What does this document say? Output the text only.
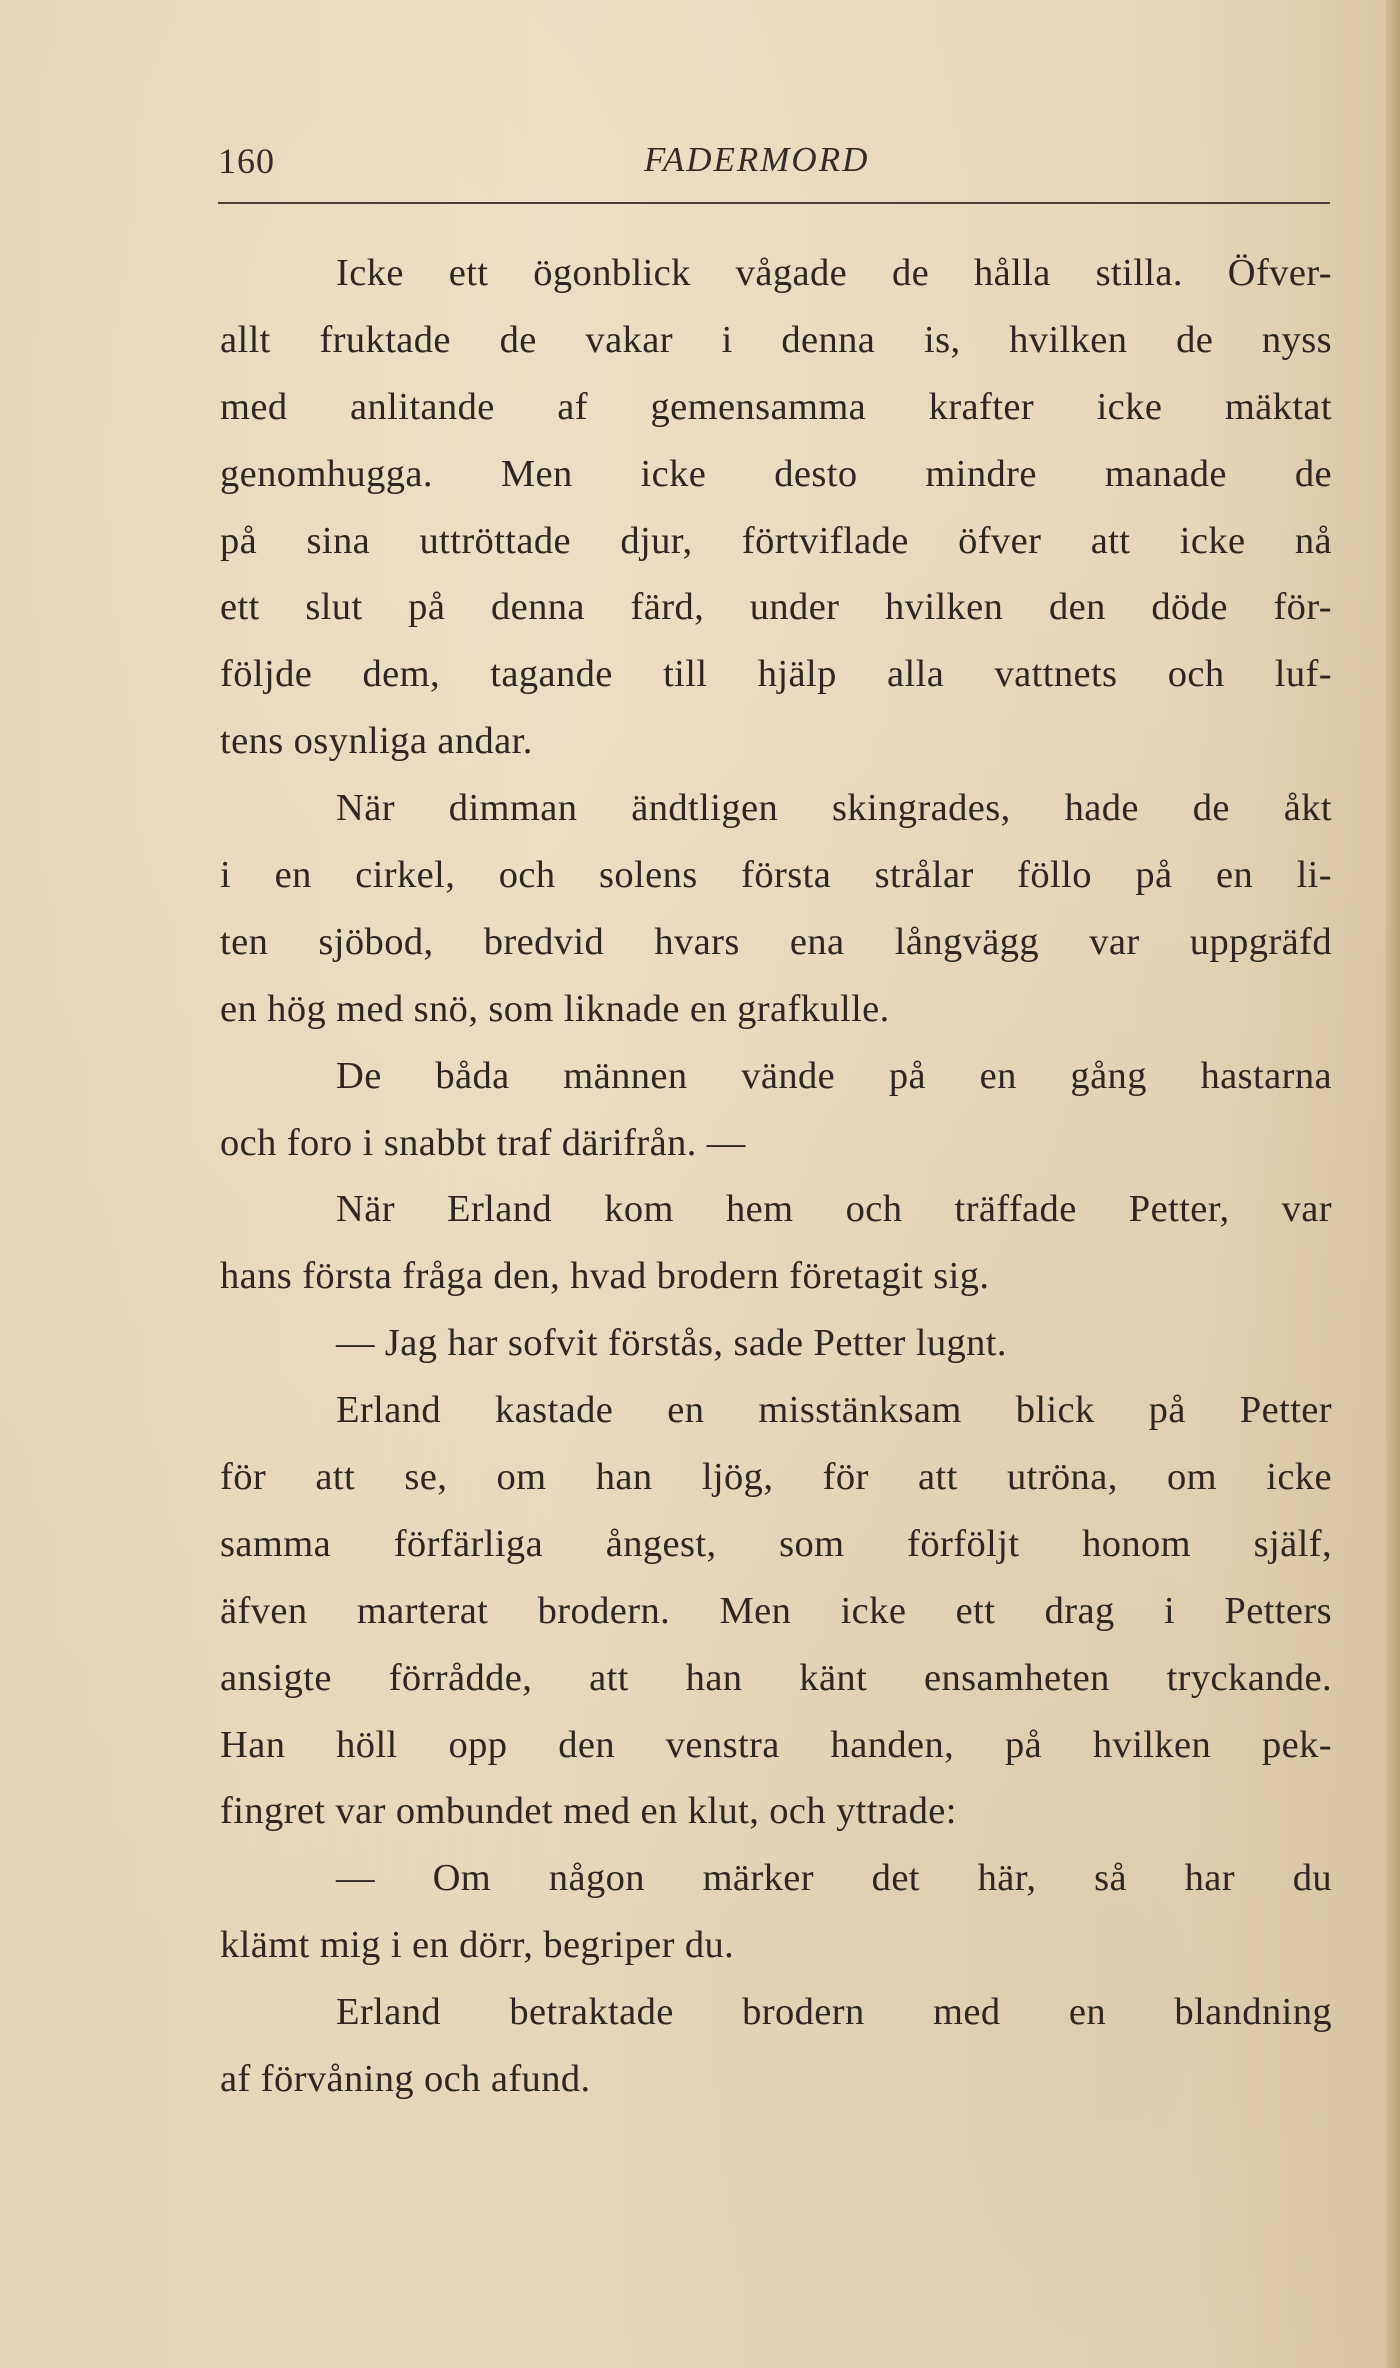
160	FADERMORD
Icke ett ögonblick vågade de hålla stilla. Öfver-
allt fruktade de vakar i denna is, hvilken de nyss
med anlitande af gemensamma krafter icke mäktat
genomhugga. Men icke desto mindre manade de
på sina uttröttade djur, förtviflade öfver att icke nå
ett slut på denna färd, under hvilken den döde för-
följde dem, tagande till hjälp alla vattnets och luf-
tens osynliga andar.
När dimman ändtligen skingrades, hade de åkt
i en cirkel, och solens första strålar föllo på en li-
ten sjöbod, bredvid hvars ena långvägg var uppgräfd
en hög med snö, som liknade en grafkulle.
De båda männen vände på en gång hastarna
och foro i snabbt traf därifrån. —
När Erland kom hem och träffade Petter, var
hans första fråga den, hvad brodern företagit sig.
— Jag har sofvit förstås, sade Petter lugnt.
Erland kastade en misstänksam blick på Petter
för att se, om han ljög, för att utröna, om icke
samma förfärliga ångest, som förföljt honom själf,
äfven marterat brodern. Men icke ett drag i Petters
ansigte förrådde, att han känt ensamheten tryckande.
Han höll opp den venstra handen, på hvilken pek-
fingret var ombundet med en klut, och yttrade:
— Om någon märker det här, så har du
klämt mig i en dörr, begriper du.
Erland betraktade brodern med en blandning
af förvåning och afund.
